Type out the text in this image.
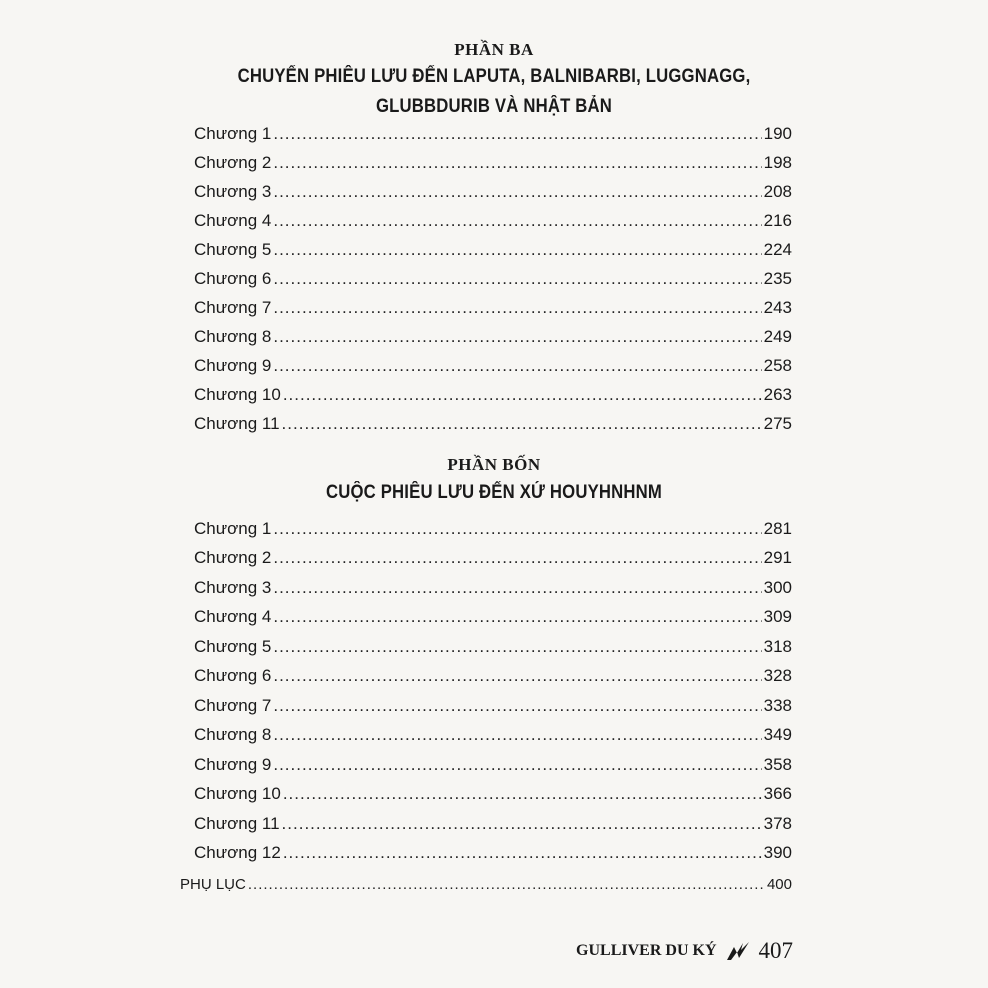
PHẦN BA
CHUYẾN PHIÊU LƯU ĐẾN LAPUTA, BALNIBARBI, LUGGNAGG,
GLUBBDURIB VÀ NHẬT BẢN
Chương 1 .....	190
Chương 2 .....	198
Chương 3 .....	208
Chương 4 .....	216
Chương 5 .....	224
Chương 6 .....	235
Chương 7 .....	243
Chương 8 .....	249
Chương 9 .....	258
Chương 10 .....	263
Chương 11 .....	275
PHẦN BỐN
CUỘC PHIÊU LƯU ĐẾN XỨ HOUYHNHNM
Chương 1 .....	281
Chương 2 .....	291
Chương 3 .....	300
Chương 4 .....	309
Chương 5 .....	318
Chương 6 .....	328
Chương 7 .....	338
Chương 8 .....	349
Chương 9 .....	358
Chương 10 .....	366
Chương 11 .....	378
Chương 12 .....	390
PHỤ LỤC .....	400
GULLIVER DU KÝ 407
